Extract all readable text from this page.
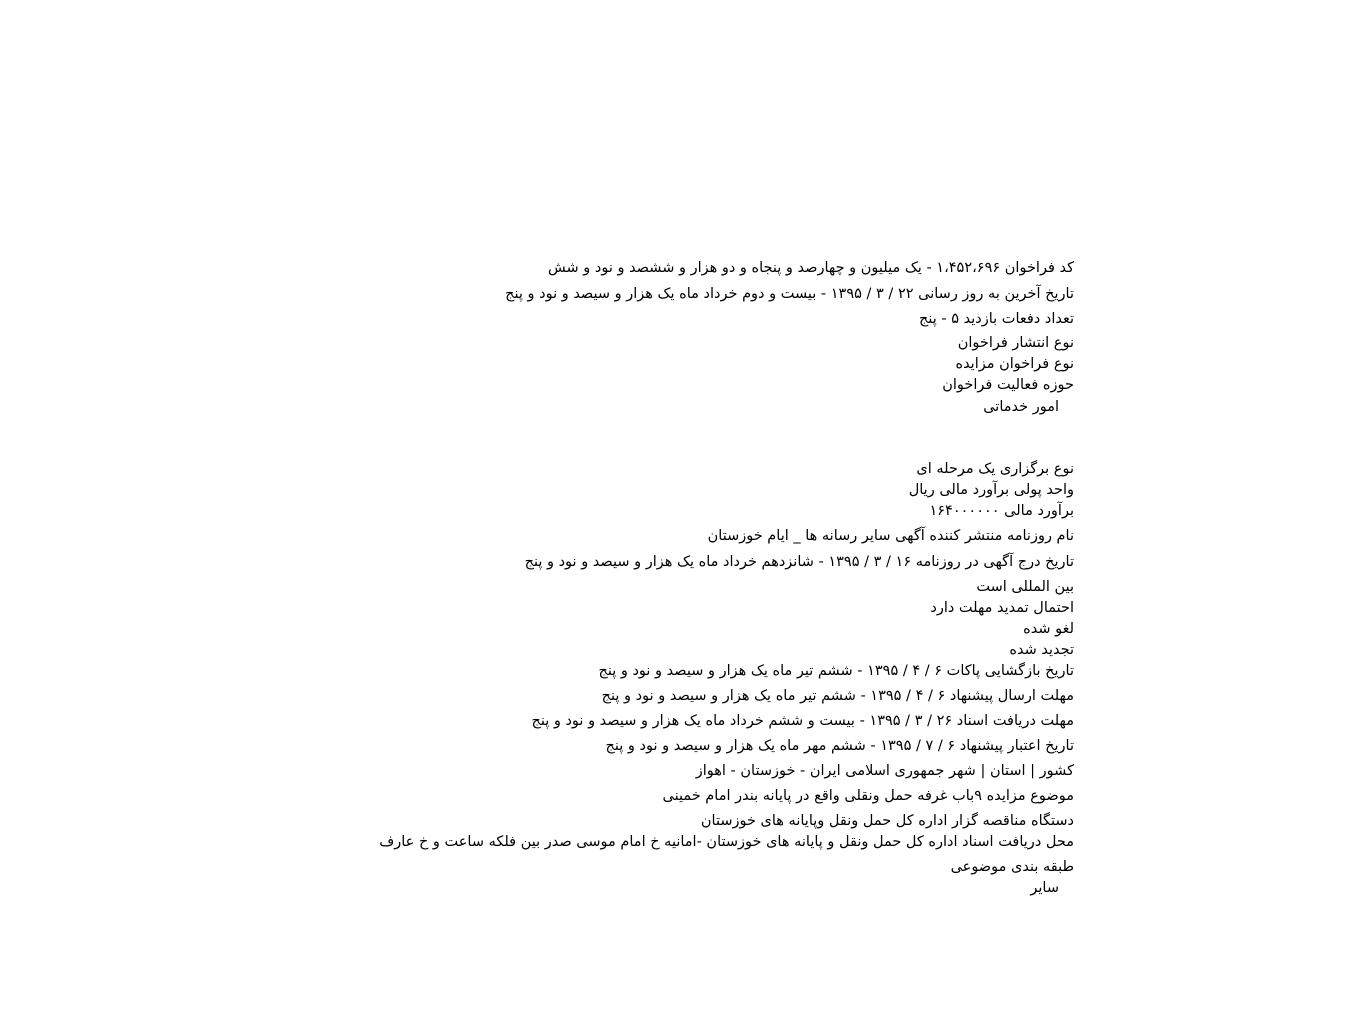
کد فراخوان ۱،۴۵۲،۶۹۶ - یک میلیون و چهارصد و پنجاه و دو هزار و ششصد و نود و شش
تاریخ آخرین به روز رسانی ۲۲ / ۳ / ۱۳۹۵ - بیست و دوم خرداد ماه یک هزار و سیصد و نود و پنج
تعداد دفعات بازدید ۵ - پنج
نوع انتشار فراخوان
نوع فراخوان مزایده
حوزه فعالیت فراخوان
امور خدماتی
نوع برگزاری یک مرحله ای
واحد پولی برآورد مالی ریال
برآورد مالی ۱۶۴۰۰۰۰۰۰
نام روزنامه منتشر کننده آگهی سایر رسانه ها _ ایام خوزستان
تاریخ درج آگهی در روزنامه ۱۶ / ۳ / ۱۳۹۵ - شانزدهم خرداد ماه یک هزار و سیصد و نود و پنج
بین المللی است
احتمال تمدید مهلت دارد
لغو شده
تجدید شده
تاریخ بازگشایی پاکات ۶ / ۴ / ۱۳۹۵ - ششم تیر ماه یک هزار و سیصد و نود و پنج
مهلت ارسال پیشنهاد ۶ / ۴ / ۱۳۹۵ - ششم تیر ماه یک هزار و سیصد و نود و پنج
مهلت دریافت اسناد ۲۶ / ۳ / ۱۳۹۵ - بیست و ششم خرداد ماه یک هزار و سیصد و نود و پنج
تاریخ اعتبار پیشنهاد ۶ / ۷ / ۱۳۹۵ - ششم مهر ماه یک هزار و سیصد و نود و پنج
کشور | استان | شهر جمهوری اسلامی ایران - خوزستان - اهواز
موضوع مزایده ۹باب غرفه حمل ونقلی واقع در پایانه بندر امام خمینی
دستگاه مناقصه گزار اداره کل حمل ونقل وپایانه های خوزستان
محل دریافت اسناد اداره کل حمل ونقل و پایانه های خوزستان -امانیه خ امام موسی صدر بین فلکه ساعت و خ عارف
طبقه بندی موضوعی
سایر
